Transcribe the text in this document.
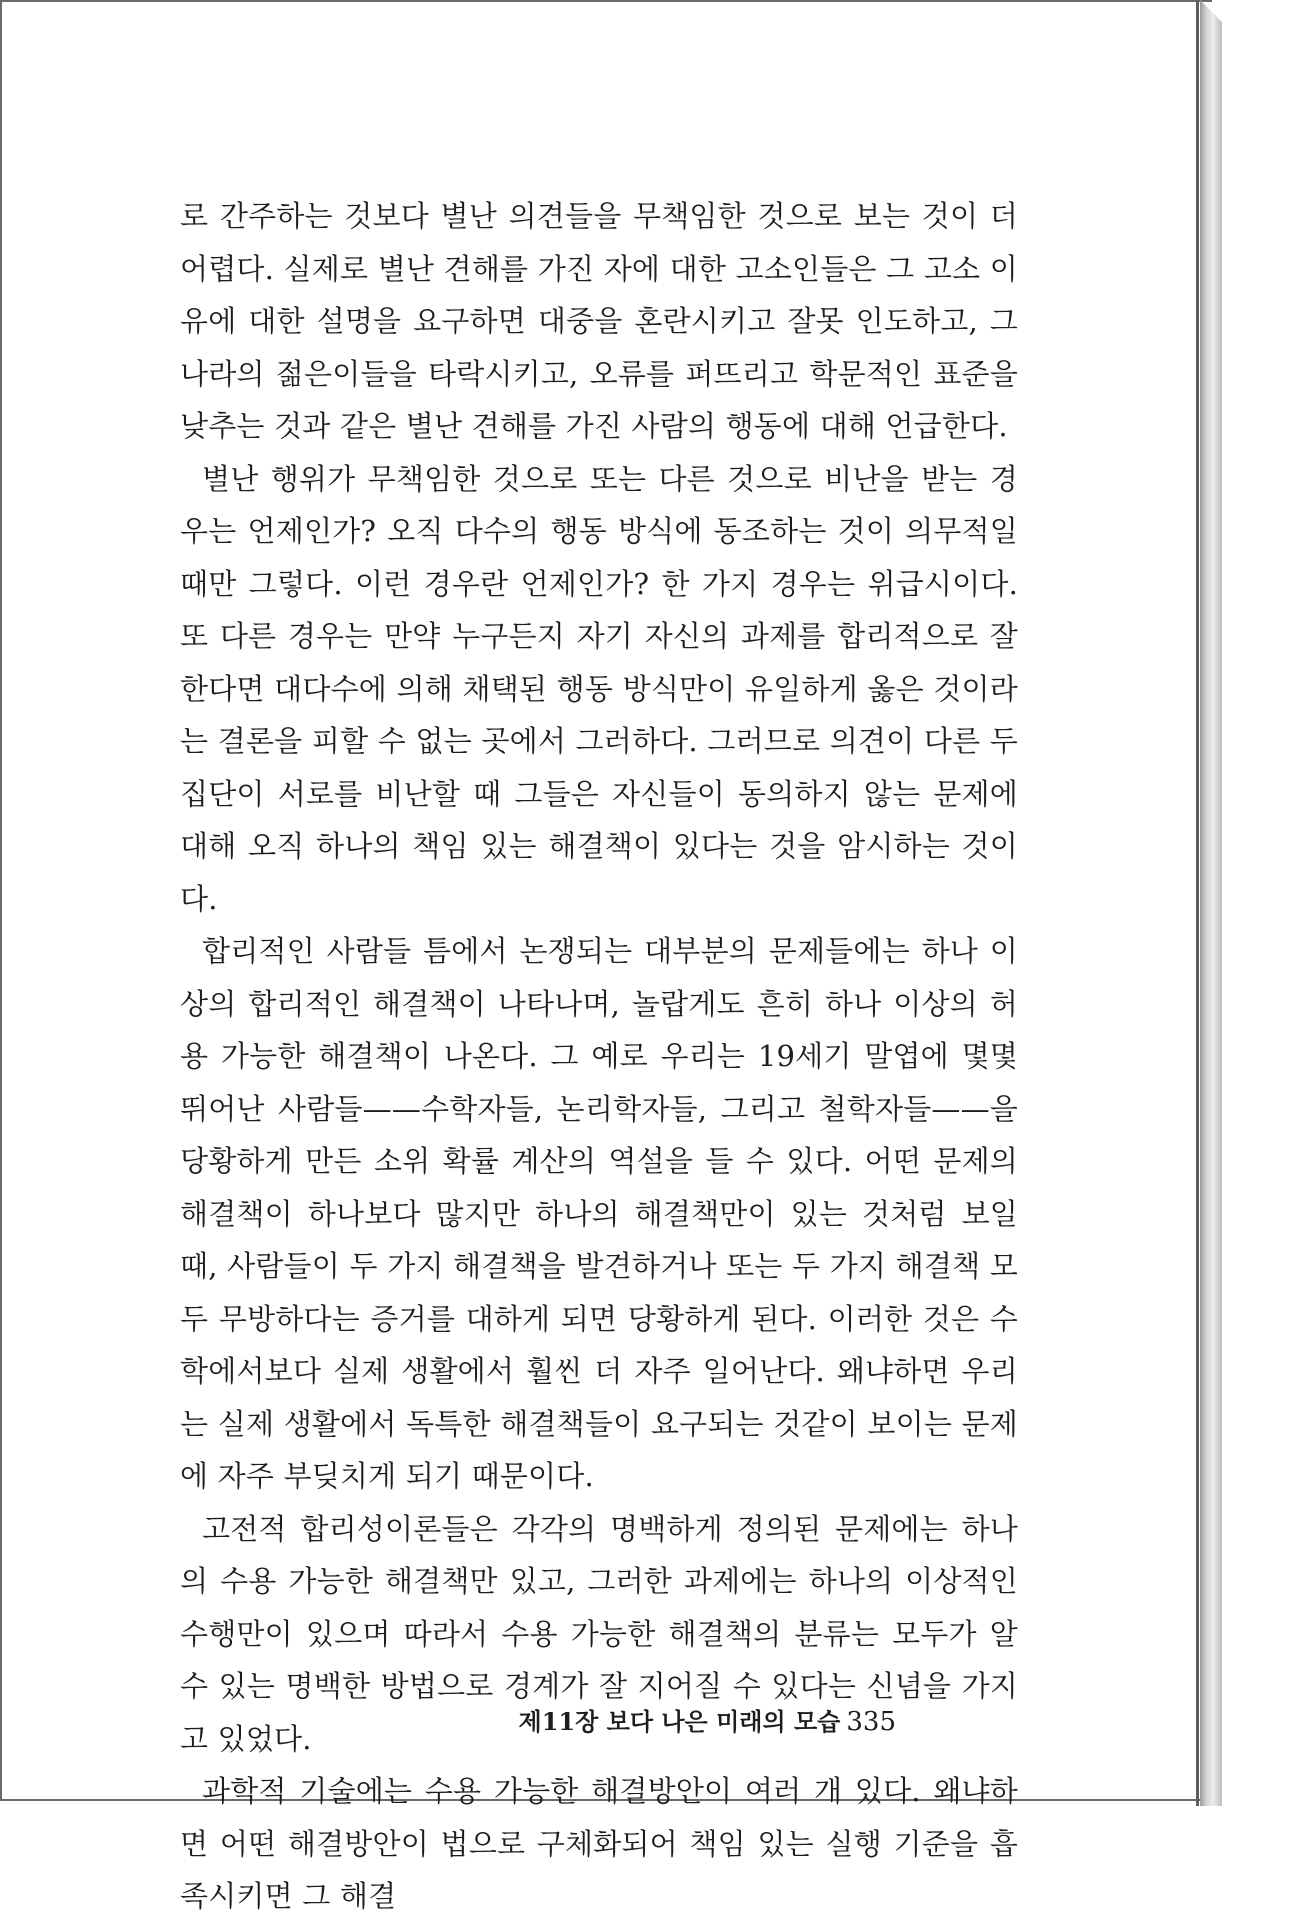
로 간주하는 것보다 별난 의견들을 무책임한 것으로 보는 것이 더 어렵다. 실제로 별난 견해를 가진 자에 대한 고소인들은 그 고소 이유에 대한 설명을 요구하면 대중을 혼란시키고 잘못 인도하고, 그 나라의 젊은이들을 타락시키고, 오류를 퍼뜨리고 학문적인 표준을 낮추는 것과 같은 별난 견해를 가진 사람의 행동에 대해 언급한다.

별난 행위가 무책임한 것으로 또는 다른 것으로 비난을 받는 경우는 언제인가? 오직 다수의 행동 방식에 동조하는 것이 의무적일 때만 그렇다. 이런 경우란 언제인가? 한 가지 경우는 위급시이다. 또 다른 경우는 만약 누구든지 자기 자신의 과제를 합리적으로 잘한다면 대다수에 의해 채택된 행동 방식만이 유일하게 옳은 것이라는 결론을 피할 수 없는 곳에서 그러하다. 그러므로 의견이 다른 두 집단이 서로를 비난할 때 그들은 자신들이 동의하지 않는 문제에 대해 오직 하나의 책임 있는 해결책이 있다는 것을 암시하는 것이다.

합리적인 사람들 틈에서 논쟁되는 대부분의 문제들에는 하나 이상의 합리적인 해결책이 나타나며, 놀랍게도 흔히 하나 이상의 허용 가능한 해결책이 나온다. 그 예로 우리는 19세기 말엽에 몇몇 뛰어난 사람들——수학자들, 논리학자들, 그리고 철학자들——을 당황하게 만든 소위 확률 계산의 역설을 들 수 있다. 어떤 문제의 해결책이 하나보다 많지만 하나의 해결책만이 있는 것처럼 보일 때, 사람들이 두 가지 해결책을 발견하거나 또는 두 가지 해결책 모두 무방하다는 증거를 대하게 되면 당황하게 된다. 이러한 것은 수학에서보다 실제 생활에서 훨씬 더 자주 일어난다. 왜냐하면 우리는 실제 생활에서 독특한 해결책들이 요구되는 것같이 보이는 문제에 자주 부딪치게 되기 때문이다.

고전적 합리성이론들은 각각의 명백하게 정의된 문제에는 하나의 수용 가능한 해결책만 있고, 그러한 과제에는 하나의 이상적인 수행만이 있으며 따라서 수용 가능한 해결책의 분류는 모두가 알 수 있는 명백한 방법으로 경계가 잘 지어질 수 있다는 신념을 가지고 있었다.

과학적 기술에는 수용 가능한 해결방안이 여러 개 있다. 왜냐하면 어떤 해결방안이 법으로 구체화되어 책임 있는 실행 기준을 흡족시키면 그 해결

제11장 보다 나은 미래의 모습 335
